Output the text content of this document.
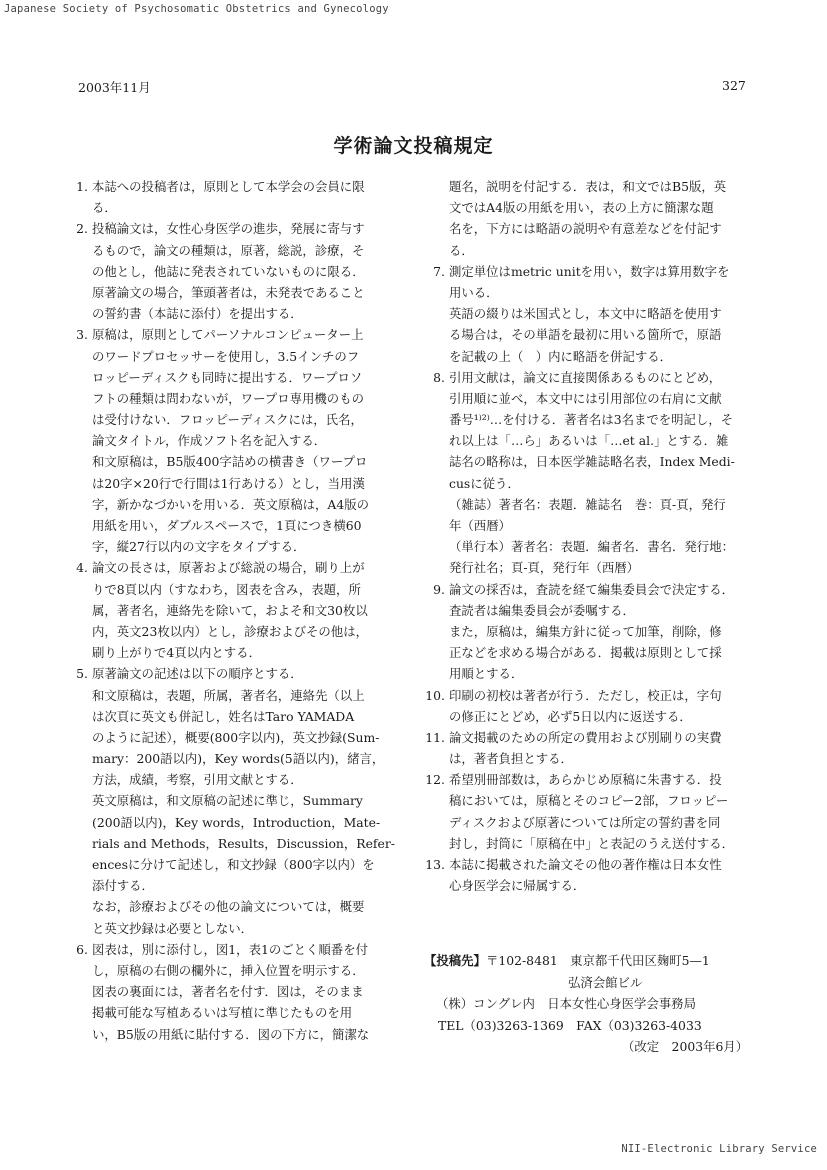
Japanese Society of Psychosomatic Obstetrics and Gynecology
2003年11月	327
学術論文投稿規定
1. 本誌への投稿者は，原則として本学会の会員に限
る．
2. 投稿論文は，女性心身医学の進歩，発展に寄与す
るもので，論文の種類は，原著，総説，診療，そ
の他とし，他誌に発表されていないものに限る．
原著論文の場合，筆頭著者は，未発表であること
の誓約書（本誌に添付）を提出する．
3. 原稿は，原則としてパーソナルコンピューター上
のワードプロセッサーを使用し，3.5インチのフ
ロッピーディスクも同時に提出する．ワープロソ
フトの種類は問わないが，ワープロ専用機のもの
は受付けない．フロッピーディスクには，氏名，
論文タイトル，作成ソフト名を記入する．
和文原稿は，B5版400字詰めの横書き（ワープロ
は20字×20行で行間は1行あける）とし，当用漢
字，新かなづかいを用いる．英文原稿は，A4版の
用紙を用い，ダブルスペースで，1頁につき横60
字，縦27行以内の文字をタイプする．
4. 論文の長さは，原著および総説の場合，刷り上が
りで8頁以内（すなわち，図表を含み，表題，所
属，著者名，連絡先を除いて，およそ和文30枚以
内，英文23枚以内）とし，診療およびその他は，
刷り上がりで4頁以内とする．
5. 原著論文の記述は以下の順序とする．
和文原稿は，表題，所属，著者名，連絡先（以上
は次頁に英文も併記し，姓名はTaro YAMADA
のように記述），概要(800字以内)，英文抄録(Sum-
mary：200語以内)，Key words(5語以内)，緒言，
方法，成績，考察，引用文献とする．
英文原稿は，和文原稿の記述に準じ，Summary
(200語以内)，Key words，Introduction，Mate-
rials and Methods，Results，Discussion，Refer-
encesに分けて記述し，和文抄録（800字以内）を
添付する．
なお，診療およびその他の論文については，概要
と英文抄録は必要としない．
6. 図表は，別に添付し，図1，表1のごとく順番を付
し，原稿の右側の欄外に，挿入位置を明示する．
図表の裏面には，著者名を付す．図は，そのまま
掲載可能な写植あるいは写植に準じたものを用
い，B5版の用紙に貼付する．図の下方に，簡潔な
題名，説明を付記する．表は，和文ではB5版，英
文ではA4版の用紙を用い，表の上方に簡潔な題
名を，下方には略語の説明や有意差などを付記す
る．
7. 測定単位はmetric unitを用い，数字は算用数字を
用いる．
英語の綴りは米国式とし，本文中に略語を使用す
る場合は，その単語を最初に用いる箇所で，原語
を記載の上（　）内に略語を併記する．
8. 引用文献は，論文に直接関係あるものにとどめ，
引用順に並べ，本文中には引用部位の右肩に文献
番号¹⁾²⁾…を付ける．著者名は3名までを明記し，そ
れ以上は「…ら」あるいは「…et al.」とする．雑
誌名の略称は，日本医学雑誌略名表，Index Medi-
cusに従う．
（雑誌）著者名：表題．雑誌名　巻：頁-頁，発行
年（西暦）
（単行本）著者名：表題．編者名．書名．発行地：
発行社名；頁-頁，発行年（西暦）
9. 論文の採否は，査読を経て編集委員会で決定する．
査読者は編集委員会が委嘱する．
また，原稿は，編集方針に従って加筆，削除，修
正などを求める場合がある．掲載は原則として採
用順とする．
10. 印刷の初校は著者が行う．ただし，校正は，字句
の修正にとどめ，必ず5日以内に返送する．
11. 論文掲載のための所定の費用および別刷りの実費
は，著者負担とする．
12. 希望別冊部数は，あらかじめ原稿に朱書する．投
稿においては，原稿とそのコピー2部，フロッピー
ディスクおよび原著については所定の誓約書を同
封し，封筒に「原稿在中」と表記のうえ送付する．
13. 本誌に掲載された論文その他の著作権は日本女性
心身医学会に帰属する．
【投稿先】〒102-8481　東京都千代田区麹町5—1
弘済会館ビル
（株）コングレ内　日本女性心身医学会事務局
TEL（03)3263-1369　FAX（03)3263-4033
（改定　2003年6月）
NII-Electronic Library Service
